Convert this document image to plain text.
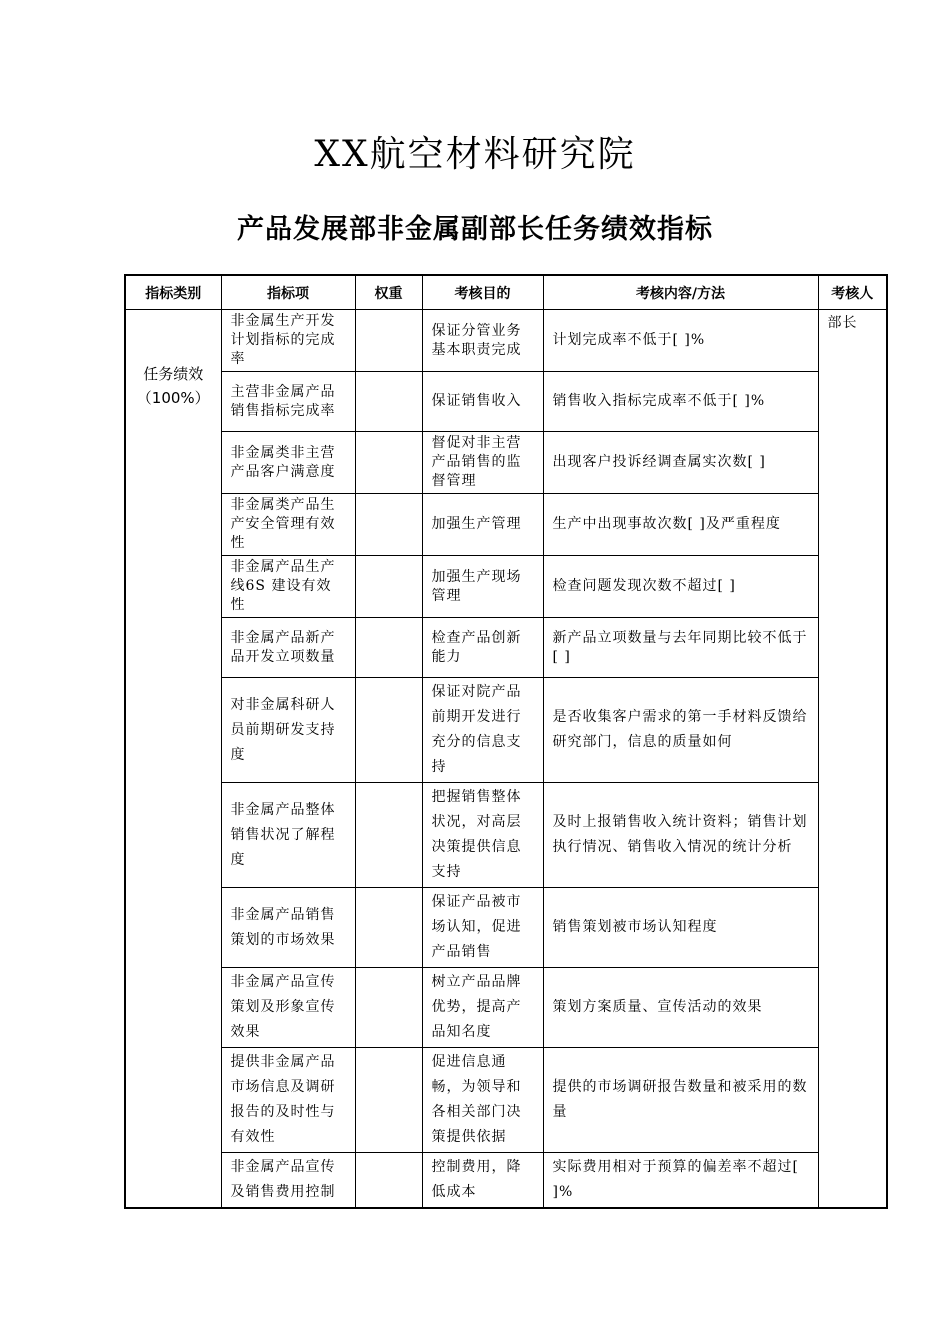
XX航空材料研究院
产品发展部非金属副部长任务绩效指标
指标类别	指标项	权重	考核目的	考核内容/方法	考核人
任务绩效
（100%）	非金属生产开发计划指标的完成率		保证分管业务基本职责完成	计划完成率不低于[ ]%	部长
	主营非金属产品销售指标完成率		保证销售收入	销售收入指标完成率不低于[ ]%	
	非金属类非主营产品客户满意度		督促对非主营产品销售的监督管理	出现客户投诉经调查属实次数[ ]	
	非金属类产品生产安全管理有效性		加强生产管理	生产中出现事故次数[ ]及严重程度	
	非金属产品生产线6S 建设有效性		加强生产现场管理	检查问题发现次数不超过[ ]	
	非金属产品新产品开发立项数量		检查产品创新能力	新产品立项数量与去年同期比较不低于[ ]	
	对非金属科研人员前期研发支持度		保证对院产品前期开发进行充分的信息支持	是否收集客户需求的第一手材料反馈给研究部门，信息的质量如何	
	非金属产品整体销售状况了解程度		把握销售整体状况，对高层决策提供信息支持	及时上报销售收入统计资料；销售计划执行情况、销售收入情况的统计分析	
	非金属产品销售策划的市场效果		保证产品被市场认知，促进产品销售	销售策划被市场认知程度	
	非金属产品宣传策划及形象宣传效果		树立产品品牌优势，提高产品知名度	策划方案质量、宣传活动的效果	
	提供非金属产品市场信息及调研报告的及时性与有效性		促进信息通畅，为领导和各相关部门决策提供依据	提供的市场调研报告数量和被采用的数量	
	非金属产品宣传及销售费用控制		控制费用，降低成本	实际费用相对于预算的偏差率不超过[ ]%	
